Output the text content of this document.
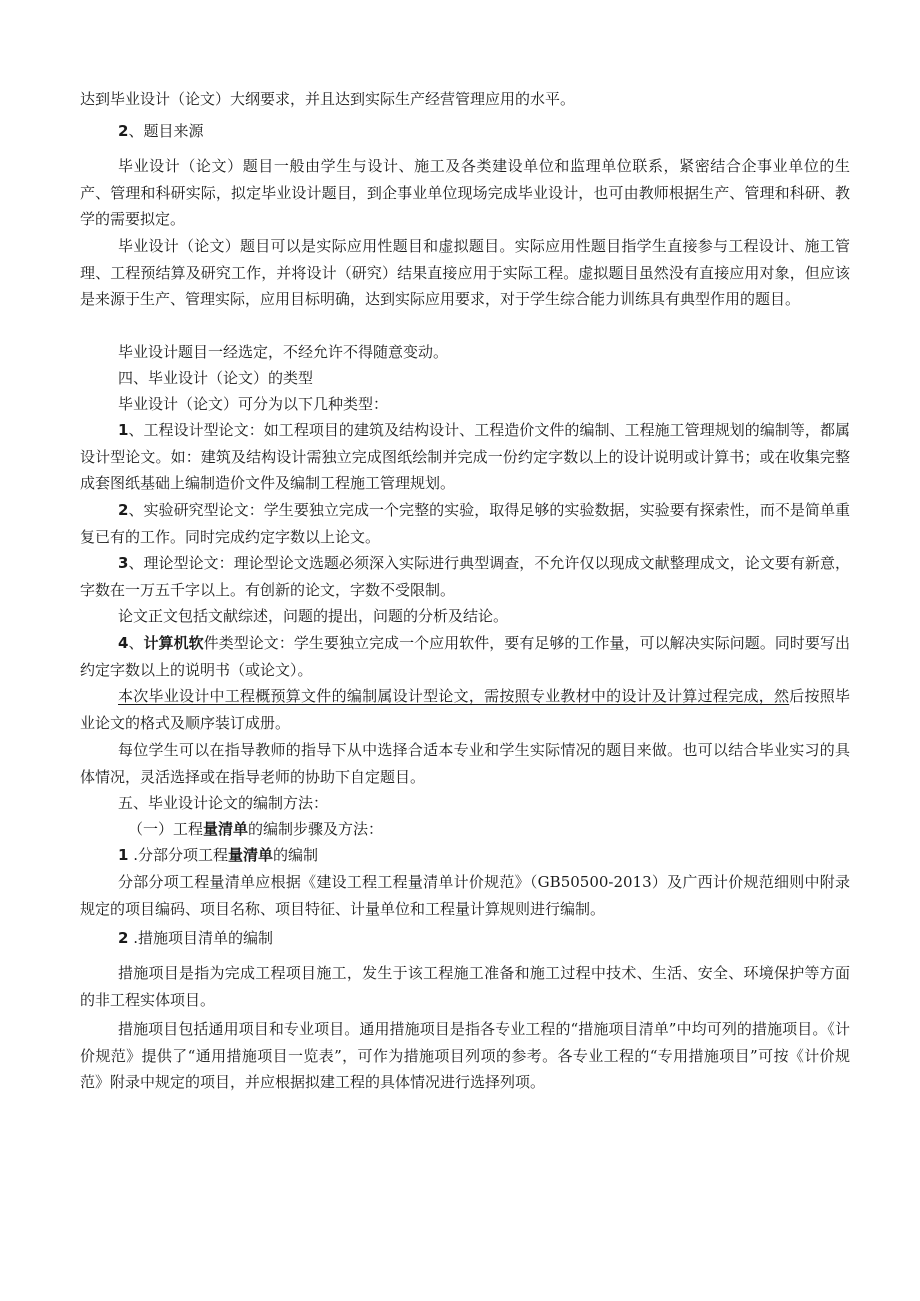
达到毕业设计（论文）大纲要求，并且达到实际生产经营管理应用的水平。

2、题目来源

毕业设计（论文）题目一般由学生与设计、施工及各类建设单位和监理单位联系，紧密结合企事业单位的生产、管理和科研实际，拟定毕业设计题目，到企事业单位现场完成毕业设计，也可由教师根据生产、管理和科研、教学的需要拟定。

毕业设计（论文）题目可以是实际应用性题目和虚拟题目。实际应用性题目指学生直接参与工程设计、施工管理、工程预结算及研究工作，并将设计（研究）结果直接应用于实际工程。虚拟题目虽然没有直接应用对象，但应该是来源于生产、管理实际，应用目标明确，达到实际应用要求，对于学生综合能力训练具有典型作用的题目。

毕业设计题目一经选定，不经允许不得随意变动。

四、毕业设计（论文）的类型

毕业设计（论文）可分为以下几种类型：

1、工程设计型论文：如工程项目的建筑及结构设计、工程造价文件的编制、工程施工管理规划的编制等，都属设计型论文。如：建筑及结构设计需独立完成图纸绘制并完成一份约定字数以上的设计说明或计算书；或在收集完整成套图纸基础上编制造价文件及编制工程施工管理规划。

2、实验研究型论文：学生要独立完成一个完整的实验，取得足够的实验数据，实验要有探索性，而不是简单重复已有的工作。同时完成约定字数以上论文。

3、理论型论文：理论型论文选题必须深入实际进行典型调查，不允许仅以现成文献整理成文，论文要有新意，字数在一万五千字以上。有创新的论文，字数不受限制。

论文正文包括文献综述，问题的提出，问题的分析及结论。

4、计算机软件类型论文：学生要独立完成一个应用软件，要有足够的工作量，可以解决实际问题。同时要写出约定字数以上的说明书（或论文）。

本次毕业设计中工程概预算文件的编制属设计型论文，需按照专业教材中的设计及计算过程完成，然后按照毕业论文的格式及顺序装订成册。

每位学生可以在指导教师的指导下从中选择合适本专业和学生实际情况的题目来做。也可以结合毕业实习的具体情况，灵活选择或在指导老师的协助下自定题目。

五、毕业设计论文的编制方法：

（一）工程量清单的编制步骤及方法：

1 .分部分项工程量清单的编制

分部分项工程量清单应根据《建设工程工程量清单计价规范》（GB50500-2013）及广西计价规范细则中附录规定的项目编码、项目名称、项目特征、计量单位和工程量计算规则进行编制。

2 .措施项目清单的编制

措施项目是指为完成工程项目施工，发生于该工程施工准备和施工过程中技术、生活、安全、环境保护等方面的非工程实体项目。

措施项目包括通用项目和专业项目。通用措施项目是指各专业工程的“措施项目清单”中均可列的措施项目。《计价规范》提供了“通用措施项目一览表”，可作为措施项目列项的参考。各专业工程的“专用措施项目”可按《计价规范》附录中规定的项目，并应根据拟建工程的具体情况进行选择列项。
